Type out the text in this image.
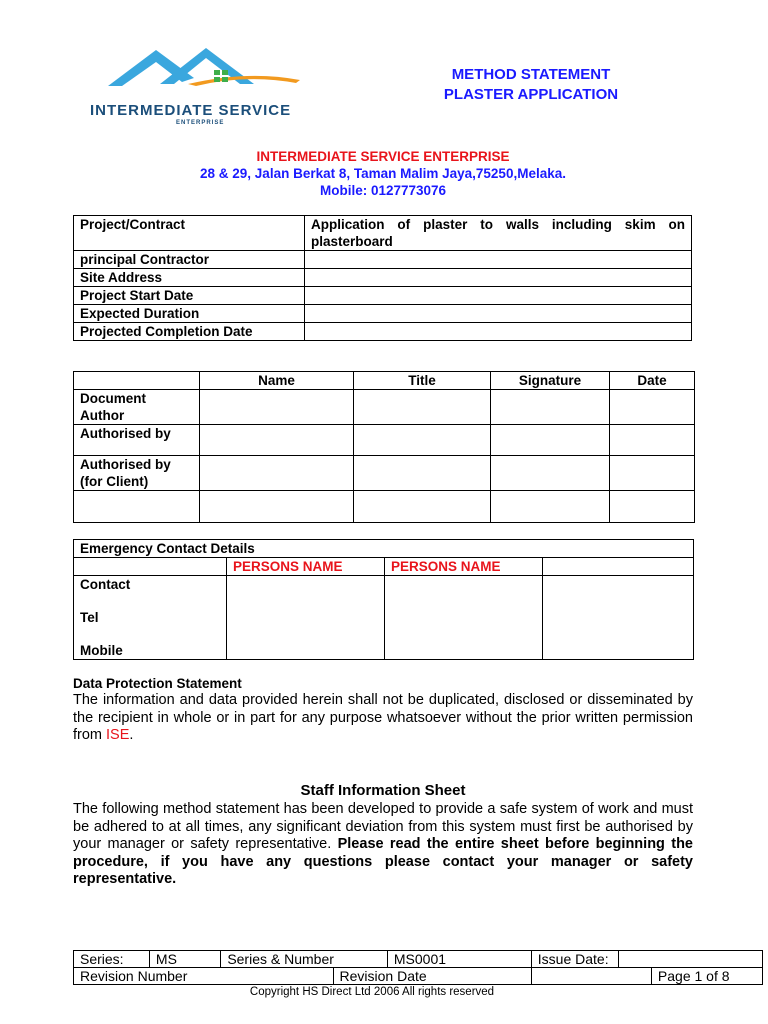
INTERMEDIATE SERVICE
ENTERPRISE
METHOD STATEMENT
PLASTER APPLICATION
INTERMEDIATE SERVICE ENTERPRISE
28 & 29, Jalan Berkat 8, Taman Malim Jaya,75250,Melaka.
Mobile: 0127773076
Project/Contract	Application of plaster to walls including skim on plasterboard
principal Contractor	
Site Address	
Project Start Date	
Expected Duration	
Projected Completion Date	
	Name	Title	Signature	Date
Document Author				
Authorised by				
Authorised by (for Client)				

Emergency Contact Details			
	PERSONS NAME	PERSONS NAME	

Contact
Tel
Mobile			

Data Protection Statement
The information and data provided herein shall not be duplicated, disclosed or disseminated by the recipient in whole or in part for any purpose whatsoever without the prior written permission from ISE.
Staff Information Sheet
The following method statement has been developed to provide a safe system of work and must be adhered to at all times, any significant deviation from this system must first be authorised by your manager or safety representative. Please read the entire sheet before beginning the procedure, if you have any questions please contact your manager or safety representative.
Series:	MS	Series & Number		MS0001	Issue Date:		
Revision Number			Revision Date				Page 1 of 8
Copyright HS Direct Ltd 2006 All rights reserved
